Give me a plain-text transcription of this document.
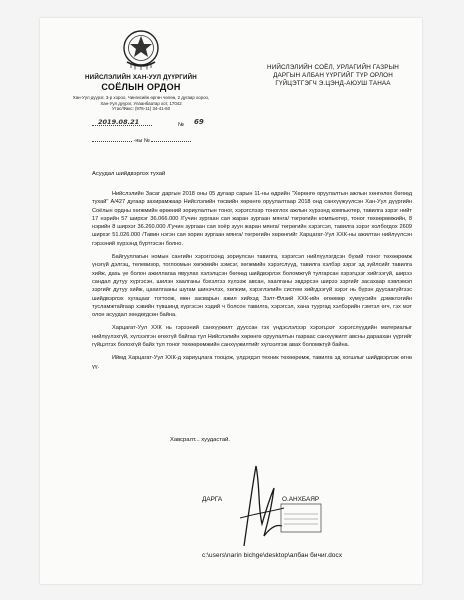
НИЙСЛЭЛИЙН ХАН-УУЛ ДҮҮРГИЙН
СОЁЛЫН ОРДОН
Хан-Уул дүүрэг, 3-р хороо, Чингисийн өргөн чөлөө, 2 дугаар хороо,
Хан-Уул дүүрэг, Улаанбаатар хот, 17042
Утас/Факс: (976-11) 34-41-60
НИЙСЛЭЛИЙН СОЁЛ, УРЛАГИЙН ГАЗРЫН
ДАРГЫН АЛБАН ҮҮРГИЙГ ТҮР ОРЛОН
ГҮЙЦЭТГЭГЧ Э.ЦЭНД-АЮУШ ТАНАА
2019.08.21	№ 69
-ны №
Асуудал шийдвэрлэх тухай

Нийслэлийн Засаг даргын 2018 оны 05 дугаар сарын 11-ны өдрийн "Хөрөнгө оруулалтын ажлын хөнгөлөх бөгөөд тухай" А/427 дугаар захирамжаар Нийслэлийн төсвийн хөрөнгө оруулалтаар 2018 онд санхүүжүүлсэн Хан-Уул дүүргийн Соёлын ордны хөгжмийн өрөөний зориулалтын тоног, хэрэгслээр тоноглох ажлын хүрээнд компьютер, тавилга зэрэг нийт 17 нэрийн 57 ширхэг 36.066.000 /Гучин зургаан сая жаран зургаан мянга/ төгрөгийн компьютер, тоног төхөөрөмжийн, 8 нэрийн 8 ширхэг 36.260.000 /Гучин зургаан сая хоёр зуун жаран мянга/ төгрөгийн хэрэгсэл, тавилга зэрэг холбогдох 2609 ширхэг 51.026.000 /Тавин нэгэн сая хорин зургаан мянга/ төгрөгийн хөрөнгийг Харцагат-Уул ХХК-ны ажилтан нийлүүлсэн гэрээний хүрээнд бүртгэсэн болно.

Байгууллагын номын сангийн хэрэглээнд зориулсан тавилга, хэрэгсэл нийлүүлэгдсэн бүхий тоног төхөөрөмж үнэгүй дэлгэц, телевизор, тоглоомын хөгжмийн зэмсэг, хөгжмийн хэрэгслүүд, тавилга хэлбэр зэрэг эд зүйлсийг тавилга хийж, дахь үе болон ажиллагаа явуулах хэлэлцсэн бөгөөд шийдвэрлэх боломжгүй тулгарсан хэрэгцээг хийгээгүй, ширээ сандал дутуу хүргэсэн, шилэн хаалганы бэхэлгээ хүлээж авсан, хаалганы эвдэрсэн ширээ зэргийг засахаар хэвлэмэл зэргийг дутуу хийж, цахилгааны шугам шинэчлэх, хөгжим, хэрэглэлийн систем хийгдээгүй зэрэг нь бүрэн дуусаагүйгээс шийдвэрлэх хугацааг тогтоож, мөн засварын ажил хийхэд Зэлт-Өлзий ХХК-ийн өгөөмөр хүмүүсийн дэмжлэгийн тусламжтайгаар хэвийн түвшинд хүргэсэн хэдий ч болсон тавилга, хэрэгсэл, хана туургад хэлбэрийн гэмтэл өгч, гэх мэт олон асуудал хөндөгдсөн байна.

Харцагат-Уул ХХК нь гэрээний санхүүжилт дууссан гэх үндэслэлээр хэрэгцээт хэрэгслүүдийн материалыг нийлүүлэхгүй, хүлээлгэн өгөхгүй байгаа тул Нийслэлийн хөрөнгө оруулалтын газраас санхүүжилт авсны дараахан үүргийг гүйцэтгэх болохгүй байх тул тоног төхөөрөмжийн санхүүжилтийг хүлээлгэж авах боломжгүй байна.

Иймд Харцагат-Уул ХХК-д хариуцлага тооцож, үлдэгдэл техник төхөөрөмж, тавилга эд хогшлыг шийдвэрлэж өгнө үү.

Хавсралт... хуудастай.
ДАРГА	О.АНХБАЯР
c:\users\narin bichge\desktop\албан бичиг.docx
